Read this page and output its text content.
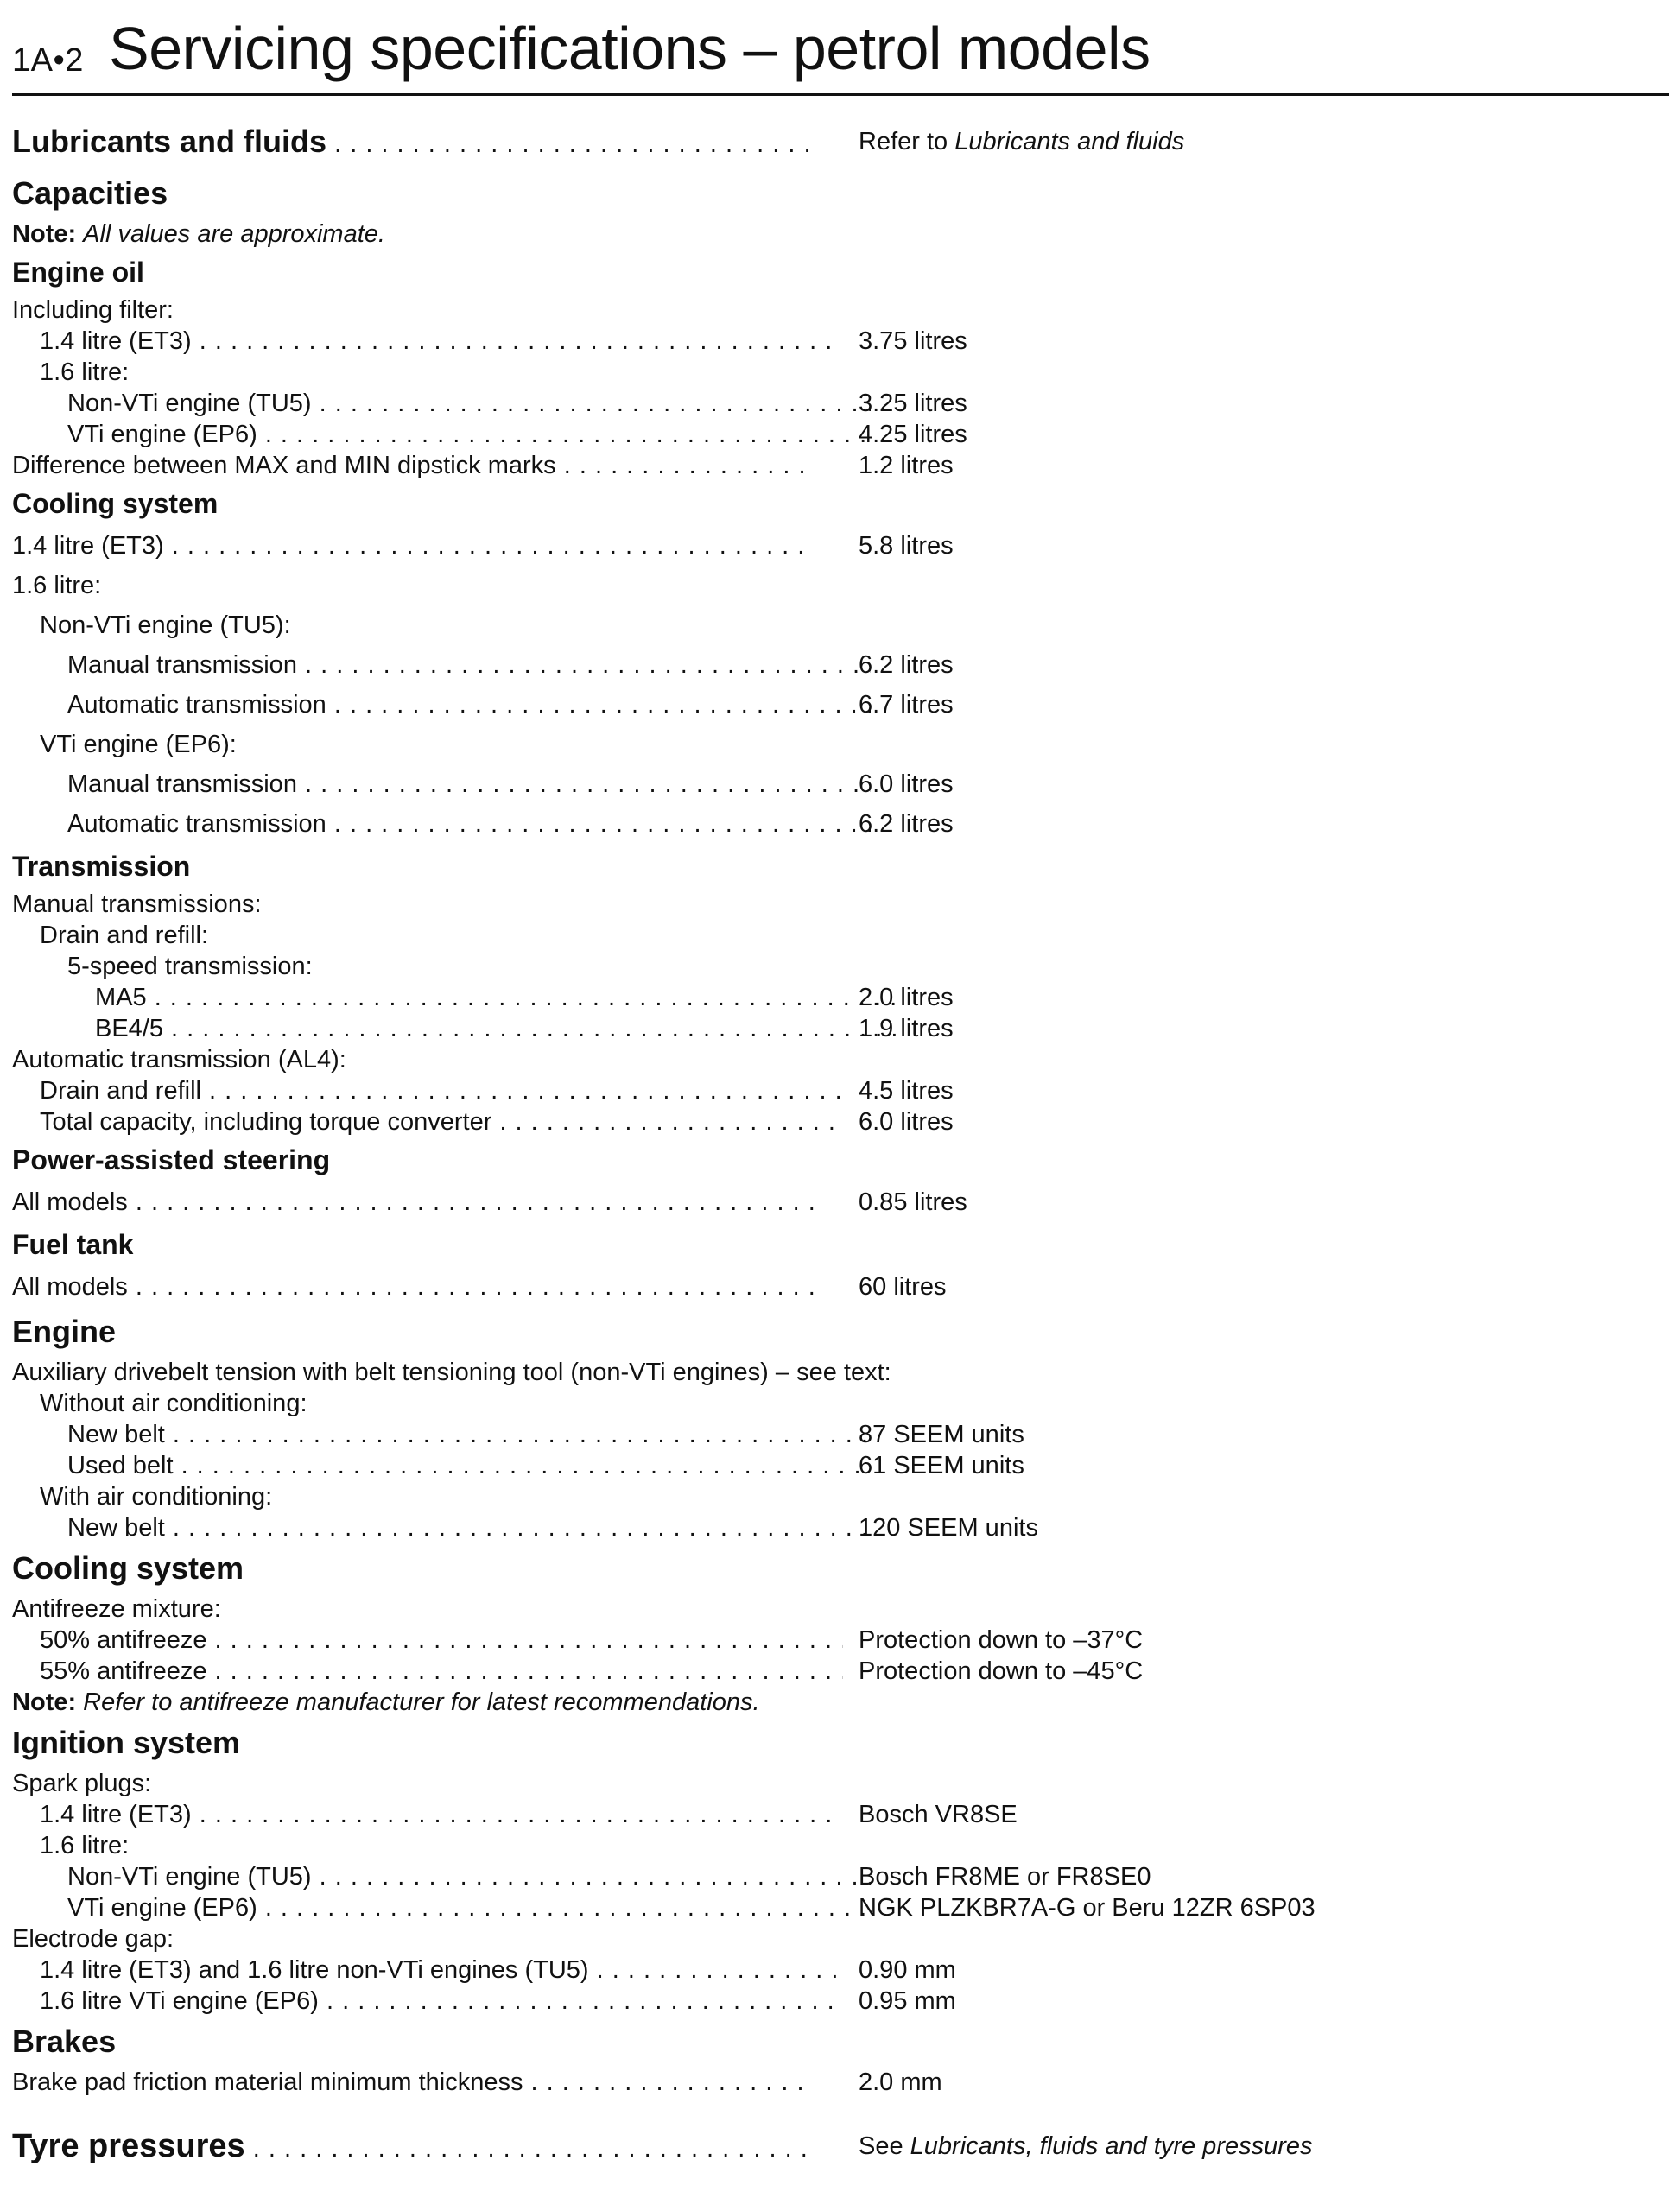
1A•2 Servicing specifications – petrol models
Lubricants and fluids . . .	Refer to Lubricants and fluids
Capacities
Note: All values are approximate.
Engine oil
Including filter:
1.4 litre (ET3) . . .	3.75 litres
1.6 litre:
Non-VTi engine (TU5) . . .	3.25 litres
VTi engine (EP6) . . .	4.25 litres
Difference between MAX and MIN dipstick marks . . .	1.2 litres
Cooling system
1.4 litre (ET3) . . .	5.8 litres
1.6 litre:
Non-VTi engine (TU5):
Manual transmission . . .	6.2 litres
Automatic transmission . . .	6.7 litres
VTi engine (EP6):
Manual transmission . . .	6.0 litres
Automatic transmission . . .	6.2 litres
Transmission
Manual transmissions:
Drain and refill:
5-speed transmission:
MA5 . . .	2.0 litres
BE4/5 . . .	1.9 litres
Automatic transmission (AL4):
Drain and refill . . .	4.5 litres
Total capacity, including torque converter . . .	6.0 litres
Power-assisted steering
All models . . .	0.85 litres
Fuel tank
All models . . .	60 litres
Engine
Auxiliary drivebelt tension with belt tensioning tool (non-VTi engines) – see text:
Without air conditioning:
New belt . . .	87 SEEM units
Used belt . . .	61 SEEM units
With air conditioning:
New belt . . .	120 SEEM units
Cooling system
Antifreeze mixture:
50% antifreeze . . .	Protection down to –37°C
55% antifreeze . . .	Protection down to –45°C
Note: Refer to antifreeze manufacturer for latest recommendations.
Ignition system
Spark plugs:
1.4 litre (ET3) . . .	Bosch VR8SE
1.6 litre:
Non-VTi engine (TU5) . . .	Bosch FR8ME or FR8SE0
VTi engine (EP6) . . .	NGK PLZKBR7A-G or Beru 12ZR 6SP03
Electrode gap:
1.4 litre (ET3) and 1.6 litre non-VTi engines (TU5) . . .	0.90 mm
1.6 litre VTi engine (EP6) . . .	0.95 mm
Brakes
Brake pad friction material minimum thickness . . .	2.0 mm
Tyre pressures . . .	See Lubricants, fluids and tyre pressures
